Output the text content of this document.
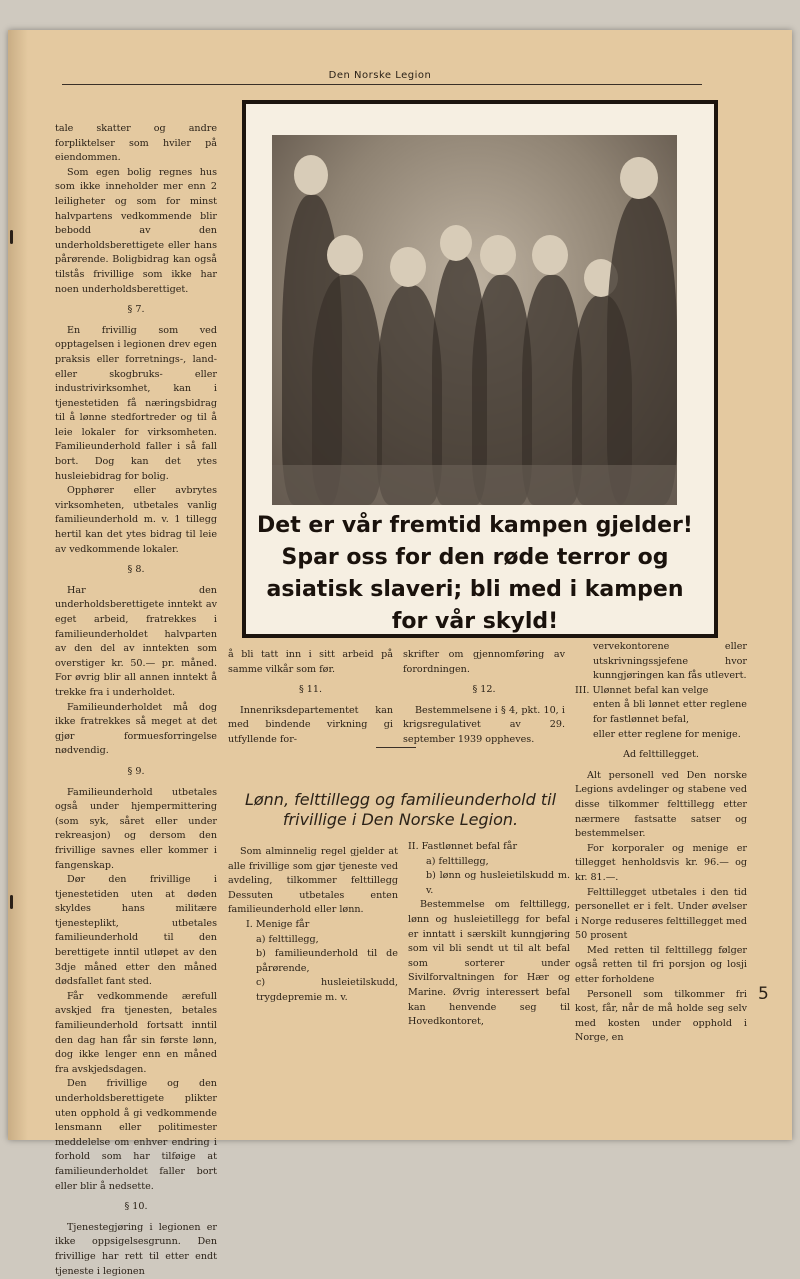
Den Norske Legion

tale skatter og andre forpliktelser som hviler på eiendommen.

Som egen bolig regnes hus som ikke inneholder mer enn 2 leiligheter og som for minst halvpartens vedkommende blir bebodd av den underholdsberettigete eller hans pårørende. Boligbidrag kan også tilstås frivillige som ikke har noen underholdsberettiget.

§ 7.

En frivillig som ved opptagelsen i legionen drev egen praksis eller forretnings-, land- eller skogbruks- eller industrivirksomhet, kan i tjenestetiden få næringsbidrag til å lønne stedfortreder og til å leie lokaler for virksomheten. Familieunderhold faller i så fall bort. Dog kan det ytes husleiebidrag for bolig.

Opphører eller avbrytes virksomheten, utbetales vanlig familieunderhold m. v. 1 tillegg hertil kan det ytes bidrag til leie av vedkommende lokaler.

§ 8.

Har den underholdsberettigete inntekt av eget arbeid, fratrekkes i familieunderholdet halvparten av den del av inntekten som overstiger kr. 50.— pr. måned. For øvrig blir all annen inntekt å trekke fra i underholdet.

Familieunderholdet må dog ikke fratrekkes så meget at det gjør formuesforringelse nødvendig.

§ 9.

Familieunderhold utbetales også under hjempermittering (som syk, såret eller under rekreasjon) og dersom den frivillige savnes eller kommer i fangenskap.

Dør den frivillige i tjenestetiden uten at døden skyldes hans militære tjenesteplikt, utbetales familieunderhold til den berettigete inntil utløpet av den 3dje måned etter den måned dødsfallet fant sted.

Får vedkommende ærefull avskjed fra tjenesten, betales familieunderhold fortsatt inntil den dag han får sin første lønn, dog ikke lenger enn en måned fra avskjedsdagen.

Den frivillige og den underholdsberettigete plikter uten opphold å gi vedkommende lensmann eller politimester meddelelse om enhver endring i forhold som har tilføige at familieunderholdet faller bort eller blir å nedsette.

§ 10.

Tjenestegjøring i legionen er ikke oppsigelsesgrunn. Den frivillige har rett til etter endt tjeneste i legionen

Det er vår fremtid kampen gjelder! Spar oss for den røde terror og asiatisk slaveri; bli med i kampen for vår skyld!

å bli tatt inn i sitt arbeid på samme vilkår som før.

§ 11.

Innenriksdepartementet kan med bindende virkning gi utfyllende for-

skrifter om gjennomføring av forordningen.

§ 12.

Bestemmelsene i § 4, pkt. 10, i krigsregulativet av 29. september 1939 oppheves.

vervekontorene eller utskrivningssjefene hvor kunngjøringen kan fås utlevert.

III. Ulønnet befal kan velge

enten å bli lønnet etter reglene for fastlønnet befal,

eller etter reglene for menige.

Ad felttillegget.

Alt personell ved Den norske Legions avdelinger og stabene ved disse tilkommer felttillegg etter nærmere fastsatte satser og bestemmelser.

For korporaler og menige er tillegget henholdsvis kr. 96.— og kr. 81.—.

Felttillegget utbetales i den tid personellet er i felt. Under øvelser i Norge reduseres felttillegget med 50 prosent

Med retten til felttillegg følger også retten til fri porsjon og losji etter forholdene

Personell som tilkommer fri kost, får, når de må holde seg selv med kosten under opphold i Norge, en

Lønn, felttillegg og familieunderhold til frivillige i Den Norske Legion.

Som alminnelig regel gjelder at alle frivillige som gjør tjeneste ved avdeling, tilkommer felttillegg Dessuten utbetales enten familieunderhold eller lønn.

I. Menige får

a) felttillegg,

b) familieunderhold til de pårørende,

c) husleietilskudd, trygdepremie m. v.

II. Fastlønnet befal får

a) felttillegg,

b) lønn og husleietilskudd m. v.

Bestemmelse om felttillegg, lønn og husleietillegg for befal er inntatt i særskilt kunngjøring som vil bli sendt ut til alt befal som sorterer under Sivilforvaltningen for Hær og Marine. Øvrig interessert befal kan henvende seg til Hovedkontoret,

5
